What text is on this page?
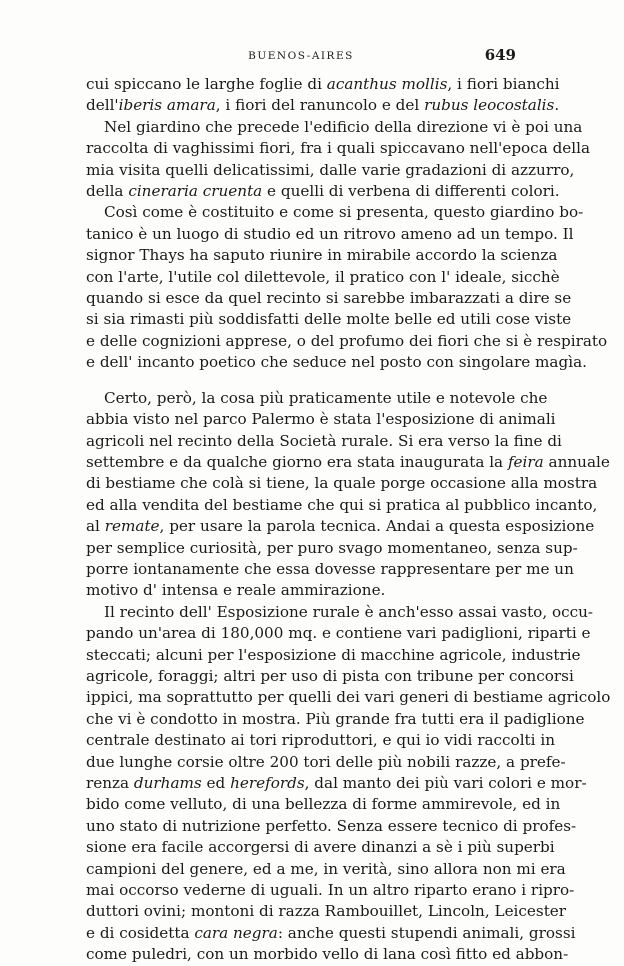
BUENOS-AIRES	649
cui spiccano le larghe foglie di acanthus mollis, i fiori bianchi
dell'iberis amara, i fiori del ranuncolo e del rubus leocostalis.
Nel giardino che precede l'edificio della direzione vi è poi una
raccolta di vaghissimi fiori, fra i quali spiccavano nell'epoca della
mia visita quelli delicatissimi, dalle varie gradazioni di azzurro,
della cineraria cruenta e quelli di verbena di differenti colori.
Così come è costituito e come si presenta, questo giardino bo-
tanico è un luogo di studio ed un ritrovo ameno ad un tempo. Il
signor Thays ha saputo riunire in mirabile accordo la scienza
con l'arte, l'utile col dilettevole, il pratico con l' ideale, sicchè
quando si esce da quel recinto si sarebbe imbarazzati a dire se
si sia rimasti più soddisfatti delle molte belle ed utili cose viste
e delle cognizioni apprese, o del profumo dei fiori che si è respirato
e dell' incanto poetico che seduce nel posto con singolare magìa.
Certo, però, la cosa più praticamente utile e notevole che
abbia visto nel parco Palermo è stata l'esposizione di animali
agricoli nel recinto della Società rurale. Si era verso la fine di
settembre e da qualche giorno era stata inaugurata la feira annuale
di bestiame che colà si tiene, la quale porge occasione alla mostra
ed alla vendita del bestiame che qui si pratica al pubblico incanto,
al remate, per usare la parola tecnica. Andai a questa esposizione
per semplice curiosità, per puro svago momentaneo, senza sup-
porre iontanamente che essa dovesse rappresentare per me un
motivo d' intensa e reale ammirazione.
Il recinto dell' Esposizione rurale è anch'esso assai vasto, occu-
pando un'area di 180,000 mq. e contiene vari padiglioni, riparti e
steccati; alcuni per l'esposizione di macchine agricole, industrie
agricole, foraggi; altri per uso di pista con tribune per concorsi
ippici, ma soprattutto per quelli dei vari generi di bestiame agricolo
che vi è condotto in mostra. Più grande fra tutti era il padiglione
centrale destinato ai tori riproduttori, e qui io vidi raccolti in
due lunghe corsie oltre 200 tori delle più nobili razze, a prefe-
renza durhams ed herefords, dal manto dei più vari colori e mor-
bido come velluto, di una bellezza di forme ammirevole, ed in
uno stato di nutrizione perfetto. Senza essere tecnico di profes-
sione era facile accorgersi di avere dinanzi a sè i più superbi
campioni del genere, ed a me, in verità, sino allora non mi era
mai occorso vederne di uguali. In un altro riparto erano i ripro-
duttori ovini; montoni di razza Rambouillet, Lincoln, Leicester
e di cosidetta cara negra: anche questi stupendi animali, grossi
come puledri, con un morbido vello di lana così fitto ed abbon-
